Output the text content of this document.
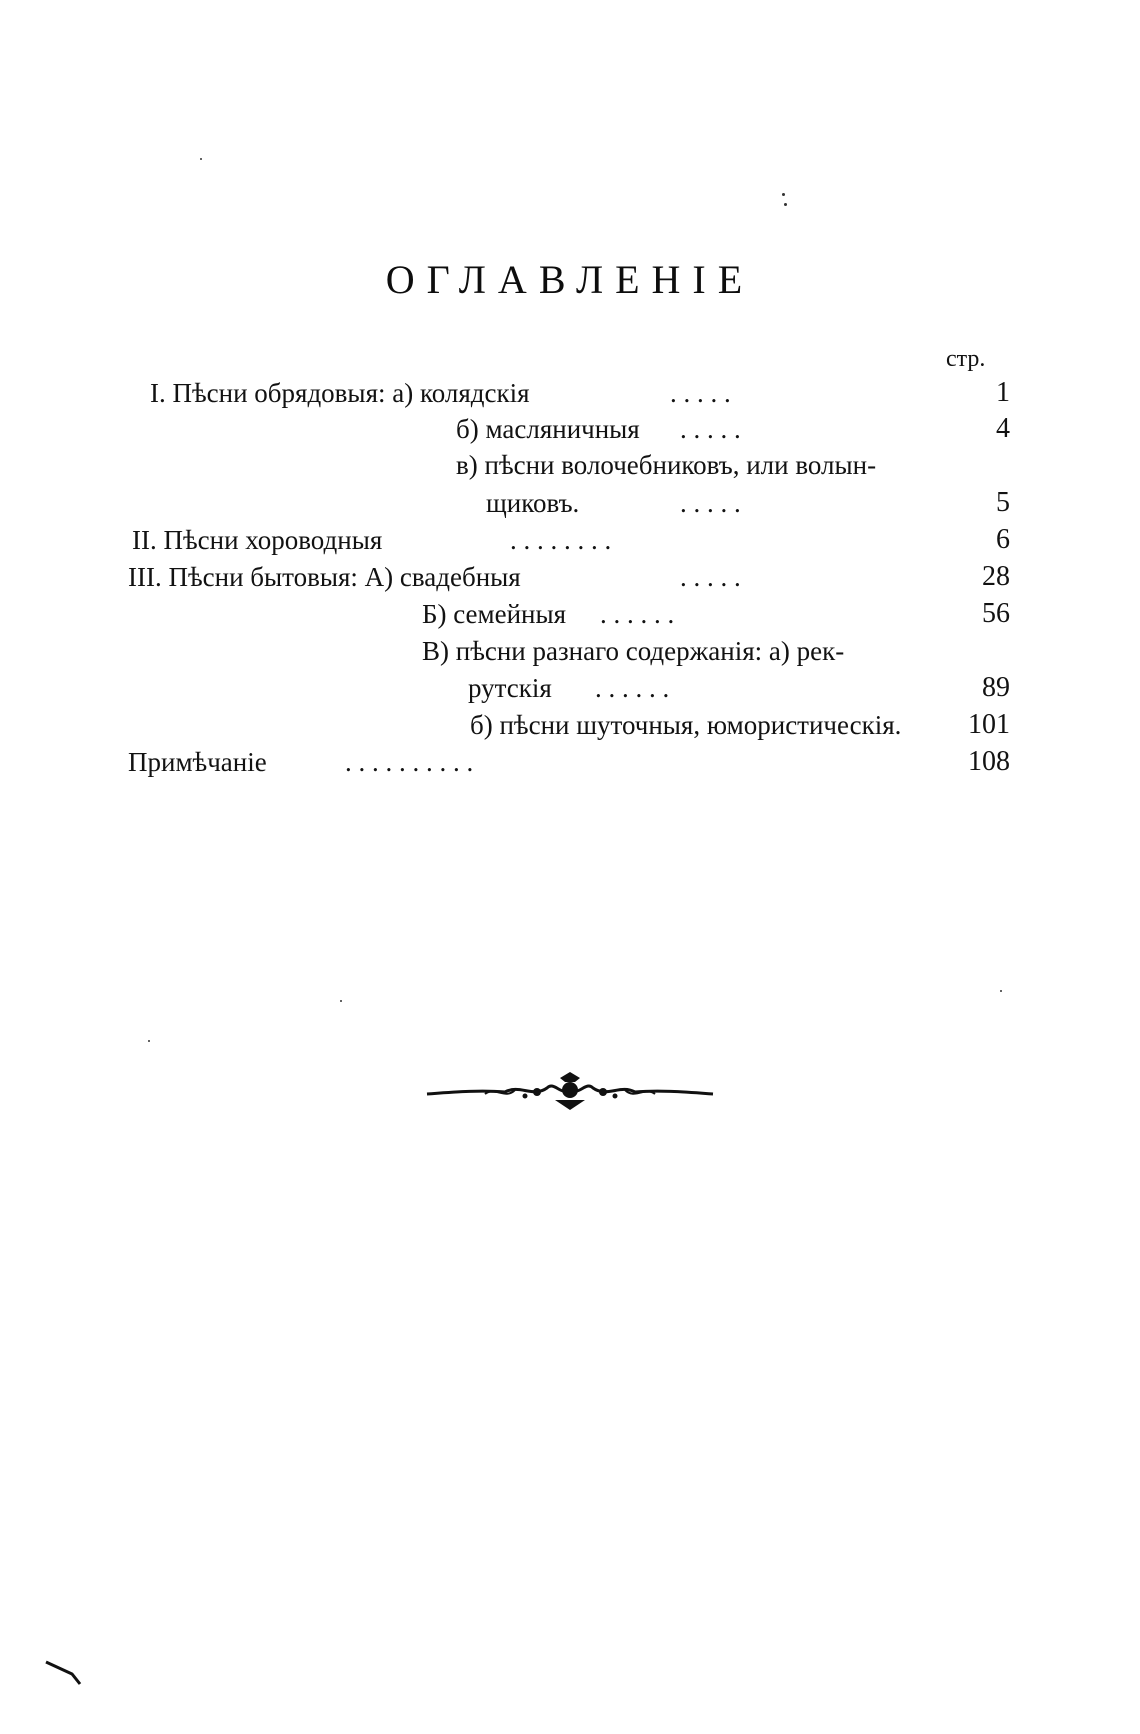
ОГЛАВЛЕНІЕ
стр.
I. Пѣсни обрядовыя: а) колядскія	. . . . .	1
б) масляничныя . . . . .	4
в) пѣсни волочебниковъ, или волын-
щиковъ.	. . . . .	5
II. Пѣсни хороводныя	. . . . . . . .	6
III. Пѣсни бытовыя: А) свадебныя	. . . . .	28
Б) семейныя . . . . . .	56
В) пѣсни разнаго содержанія: а) рек-
рутскія . . . . . .	89
б) пѣсни шуточныя, юмористическія.	101
Примѣчаніе	. . . . . . . . . .	108
